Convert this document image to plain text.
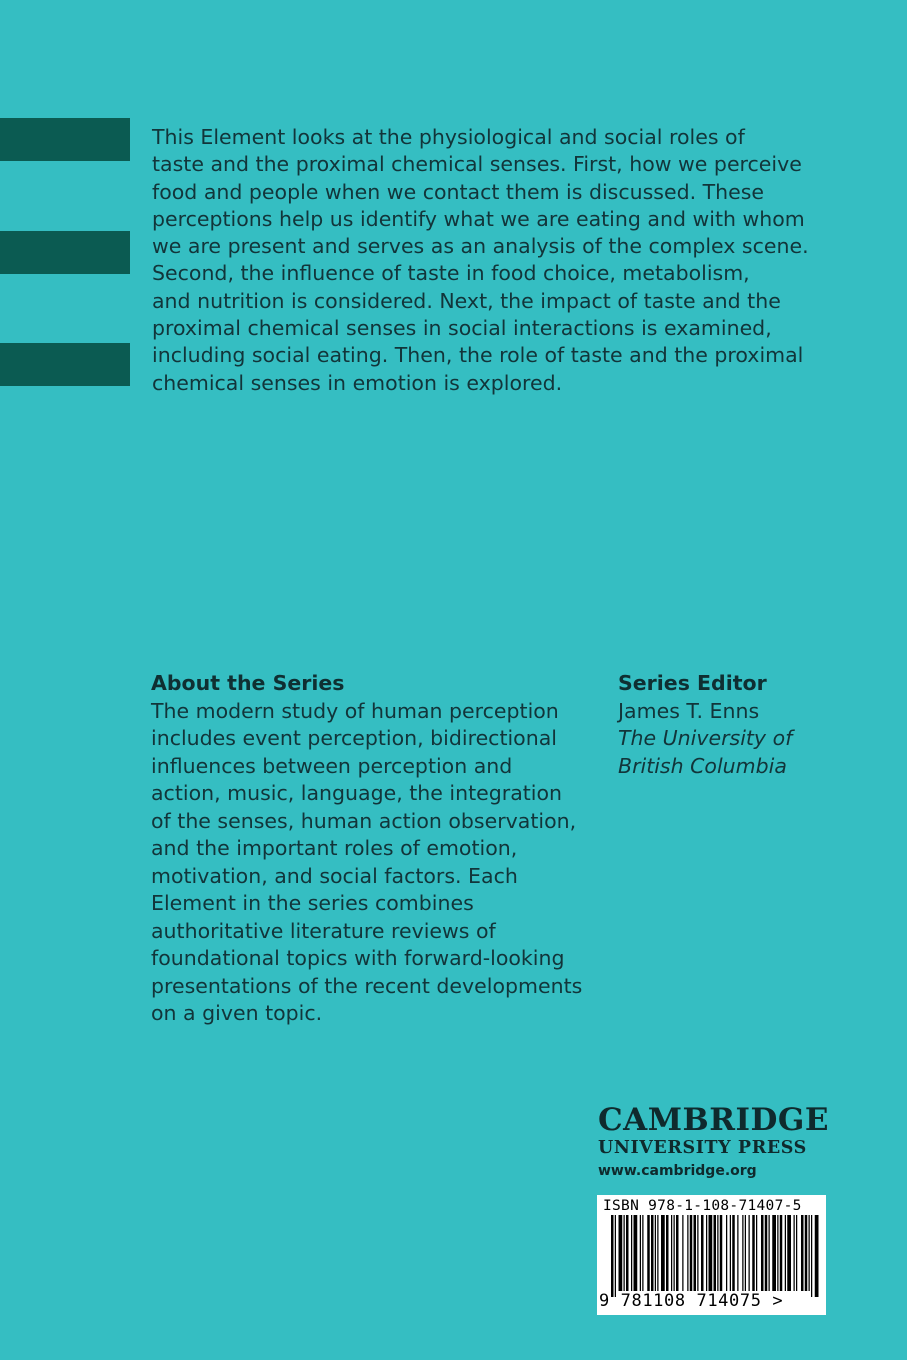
This Element looks at the physiological and social roles of
taste and the proximal chemical senses. First, how we perceive
food and people when we contact them is discussed. These
perceptions help us identify what we are eating and with whom
we are present and serves as an analysis of the complex scene.
Second, the influence of taste in food choice, metabolism,
and nutrition is considered. Next, the impact of taste and the
proximal chemical senses in social interactions is examined,
including social eating. Then, the role of taste and the proximal
chemical senses in emotion is explored.

About the Series

The modern study of human perception
includes event perception, bidirectional
influences between perception and
action, music, language, the integration
of the senses, human action observation,
and the important roles of emotion,
motivation, and social factors. Each
Element in the series combines
authoritative literature reviews of
foundational topics with forward-looking
presentations of the recent developments
on a given topic.

Series Editor

James T. Enns

The University of

British Columbia

CAMBRIDGE

UNIVERSITY PRESS

www.cambridge.org

ISBN 978-1-108-71407-5
9 781108 714075 >
